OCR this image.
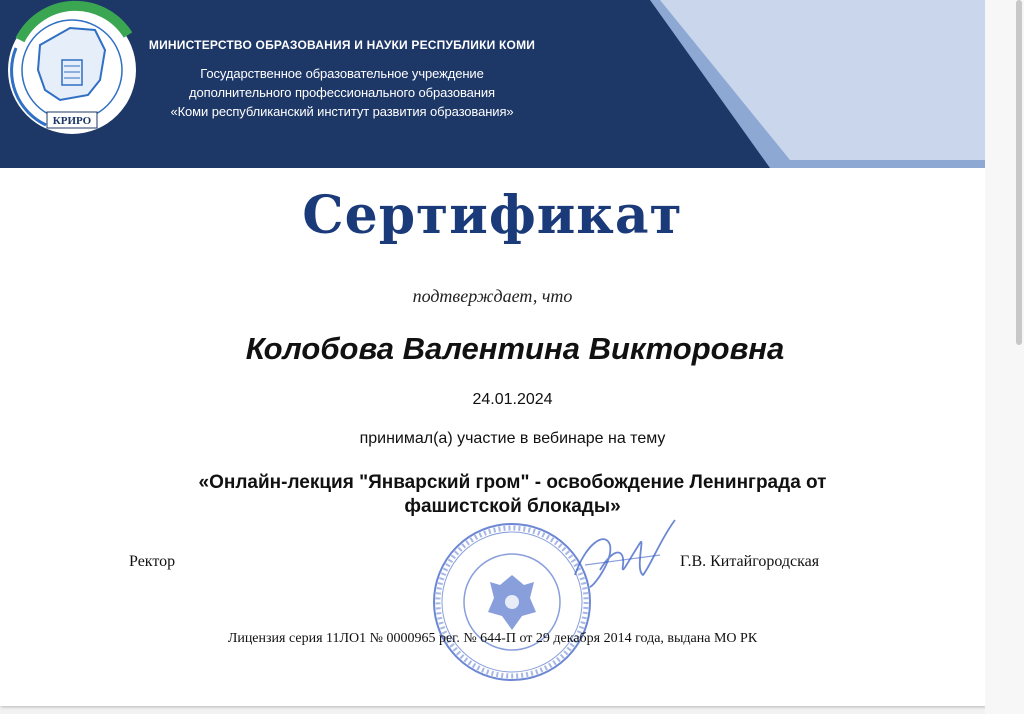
МИНИСТЕРСТВО ОБРАЗОВАНИЯ И НАУКИ РЕСПУБЛИКИ КОМИ
Государственное образовательное учреждение
дополнительного профессионального образования
«Коми республиканский институт развития образования»
КРИРО
Сертификат
подтверждает, что
Колобова Валентина Викторовна
24.01.2024
принимал(а) участие в вебинаре на тему
«Онлайн-лекция "Январский гром" - освобождение Ленинграда от
фашистской блокады»
Ректор	Г.В. Китайгородская
Лицензия серия 11ЛО1 № 0000965 рег. № 644-П от 29 декабря 2014 года, выдана МО РК
